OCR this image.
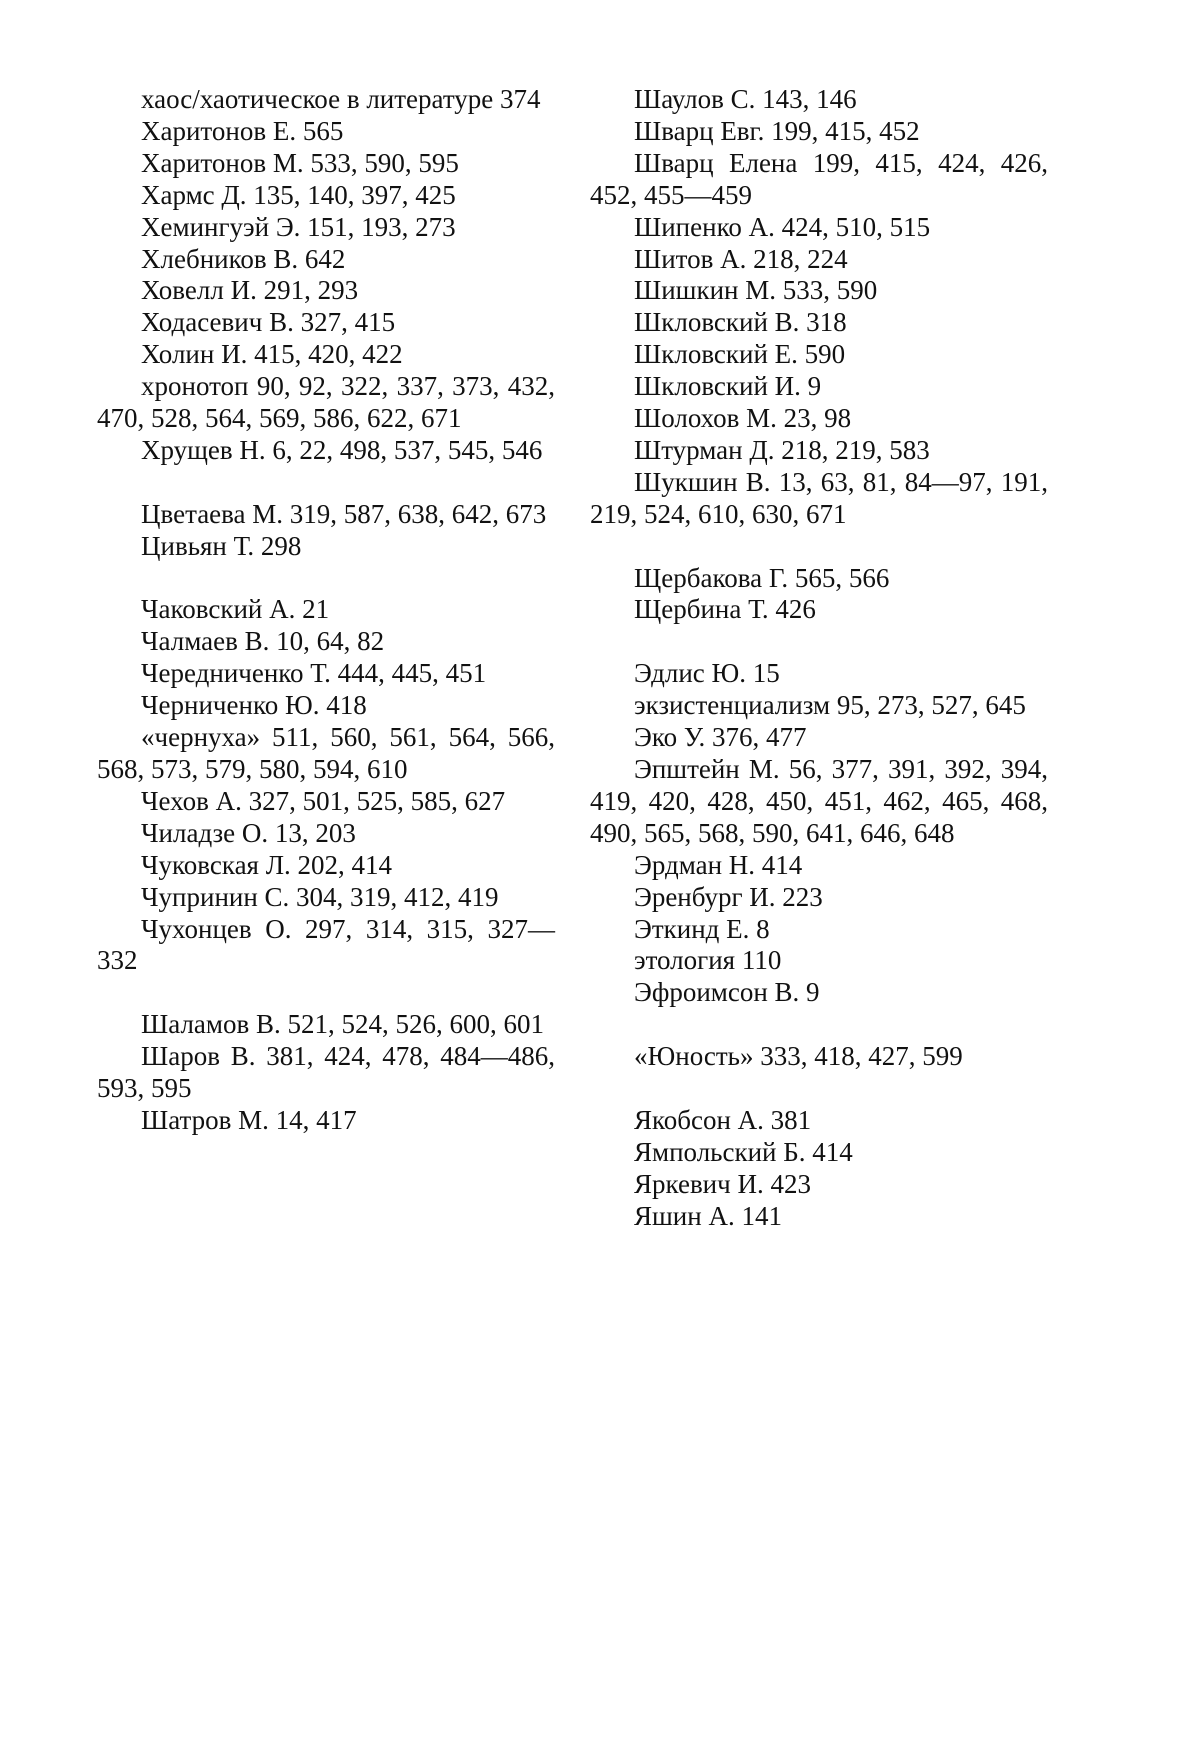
хаос/хаотическое в литературе 374

Харитонов Е. 565

Харитонов М. 533, 590, 595

Хармс Д. 135, 140, 397, 425

Хемингуэй Э. 151, 193, 273

Хлебников В. 642

Ховелл И. 291, 293

Ходасевич В. 327, 415

Холин И. 415, 420, 422

хронотоп 90, 92, 322, 337, 373, 432, 470, 528, 564, 569, 586, 622, 671

Хрущев Н. 6, 22, 498, 537, 545, 546

Цветаева М. 319, 587, 638, 642, 673

Цивьян Т. 298

Чаковский А. 21

Чалмаев В. 10, 64, 82

Чередниченко Т. 444, 445, 451

Черниченко Ю. 418

«чернуха» 511, 560, 561, 564, 566, 568, 573, 579, 580, 594, 610

Чехов А. 327, 501, 525, 585, 627

Чиладзе О. 13, 203

Чуковская Л. 202, 414

Чупринин С. 304, 319, 412, 419

Чухонцев О. 297, 314, 315, 327—332

Шаламов В. 521, 524, 526, 600, 601

Шаров В. 381, 424, 478, 484—486, 593, 595

Шатров М. 14, 417

Шаулов С. 143, 146

Шварц Евг. 199, 415, 452

Шварц Елена 199, 415, 424, 426, 452, 455—459

Шипенко А. 424, 510, 515

Шитов А. 218, 224

Шишкин М. 533, 590

Шкловский В. 318

Шкловский Е. 590

Шкловский И. 9

Шолохов М. 23, 98

Штурман Д. 218, 219, 583

Шукшин В. 13, 63, 81, 84—97, 191, 219, 524, 610, 630, 671

Щербакова Г. 565, 566

Щербина Т. 426

Эдлис Ю. 15

экзистенциализм 95, 273, 527, 645

Эко У. 376, 477

Эпштейн М. 56, 377, 391, 392, 394, 419, 420, 428, 450, 451, 462, 465, 468, 490, 565, 568, 590, 641, 646, 648

Эрдман Н. 414

Эренбург И. 223

Эткинд Е. 8

этология 110

Эфроимсон В. 9

«Юность» 333, 418, 427, 599

Якобсон А. 381

Ямпольский Б. 414

Яркевич И. 423

Яшин А. 141
